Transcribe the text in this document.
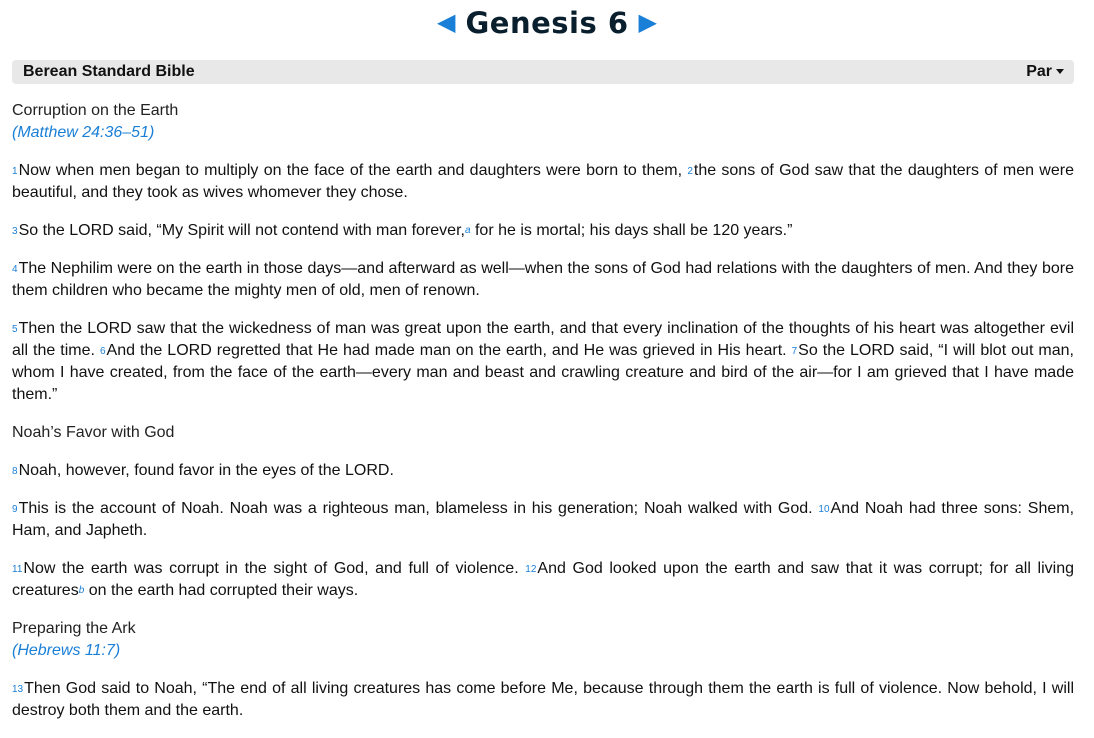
◀ Genesis 6 ▶
Berean Standard Bible	Par

Corruption on the Earth

(Matthew 24:36–51)

$^1$Now when men began to multiply on the face of the earth and daughters were born to them, $^2$the sons of God saw that the daughters of men were beautiful, and they took as wives whomever they chose.

$^3$So the LORD said, “My Spirit will not contend with man forever,$^a$ for he is mortal; his days shall be 120 years.”

$^4$The Nephilim were on the earth in those days—and afterward as well—when the sons of God had relations with the daughters of men. And they bore them children who became the mighty men of old, men of renown.

$^5$Then the LORD saw that the wickedness of man was great upon the earth, and that every inclination of the thoughts of his heart was altogether evil all the time. $^6$And the LORD regretted that He had made man on the earth, and He was grieved in His heart. $^7$So the LORD said, “I will blot out man, whom I have created, from the face of the earth—every man and beast and crawling creature and bird of the air—for I am grieved that I have made them.”

Noah’s Favor with God

$^8$Noah, however, found favor in the eyes of the LORD.

$^9$This is the account of Noah. Noah was a righteous man, blameless in his generation; Noah walked with God. $^{10}$And Noah had three sons: Shem, Ham, and Japheth.

$^{11}$Now the earth was corrupt in the sight of God, and full of violence. $^{12}$And God looked upon the earth and saw that it was corrupt; for all living creatures$^b$ on the earth had corrupted their ways.

Preparing the Ark

(Hebrews 11:7)

$^{13}$Then God said to Noah, “The end of all living creatures has come before Me, because through them the earth is full of violence. Now behold, I will destroy both them and the earth.
